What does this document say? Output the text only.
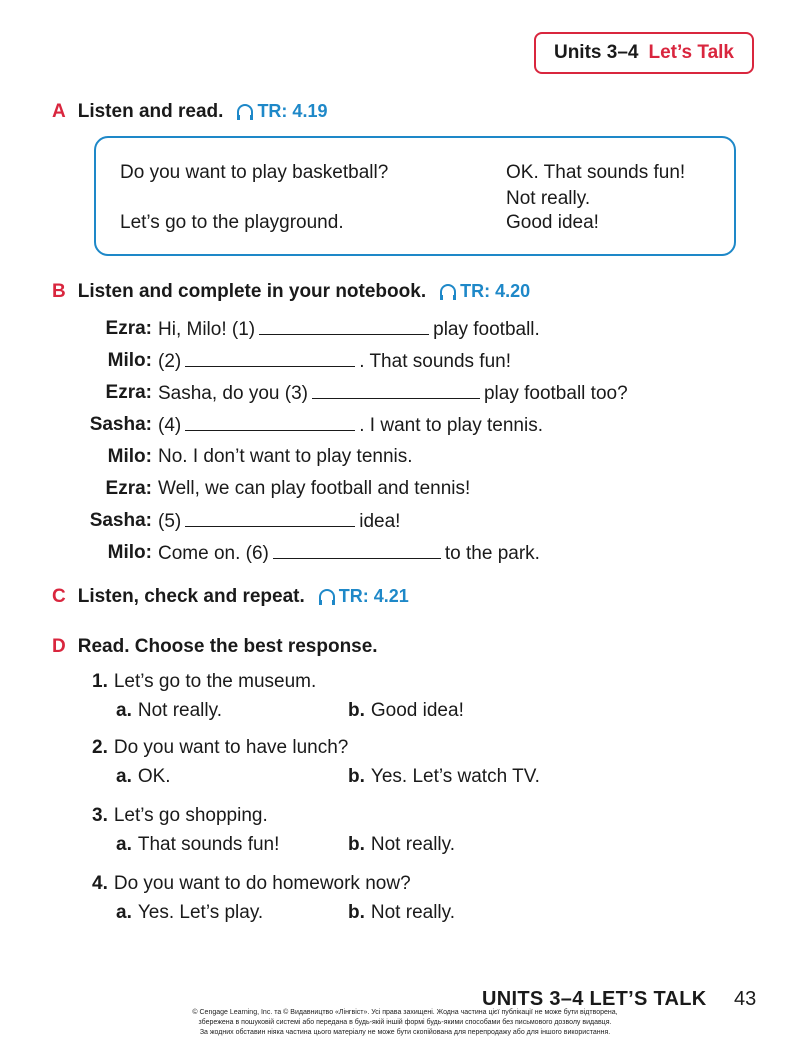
Units 3–4 Let’s Talk
A Listen and read. TR: 4.19
Do you want to play basketball?
Let’s go to the playground.
OK. That sounds fun!
Not really.
Good idea!
B Listen and complete in your notebook. TR: 4.20
Ezra: Hi, Milo! (1)	play football.
Milo: (2)	. That sounds fun!
Ezra: Sasha, do you (3)	play football too?
Sasha: (4)	. I want to play tennis.
Milo: No. I don’t want to play tennis.
Ezra: Well, we can play football and tennis!
Sasha: (5)	idea!
Milo: Come on. (6)	to the park.
C Listen, check and repeat. TR: 4.21
D Read. Choose the best response.
1. Let’s go to the museum.
a. Not really.	b. Good idea!
2. Do you want to have lunch?
a. OK.	b. Yes. Let’s watch TV.
3. Let’s go shopping.
a. That sounds fun!	b. Not really.
4. Do you want to do homework now?
a. Yes. Let’s play.	b. Not really.
UNITS 3–4 LET’S TALK 43
© Cengage Learning, Inc. та © Видавництво «Лінгвіст». Усі права захищені. Жодна частина цієї публікації не може бути відтворена,
збережена в пошуковій системі або передана в будь-якій іншій формі будь-якими способами без письмового дозволу видавця.
За жодних обставин ніяка частина цього матеріалу не може бути скопійована для перепродажу або для іншого використання.
